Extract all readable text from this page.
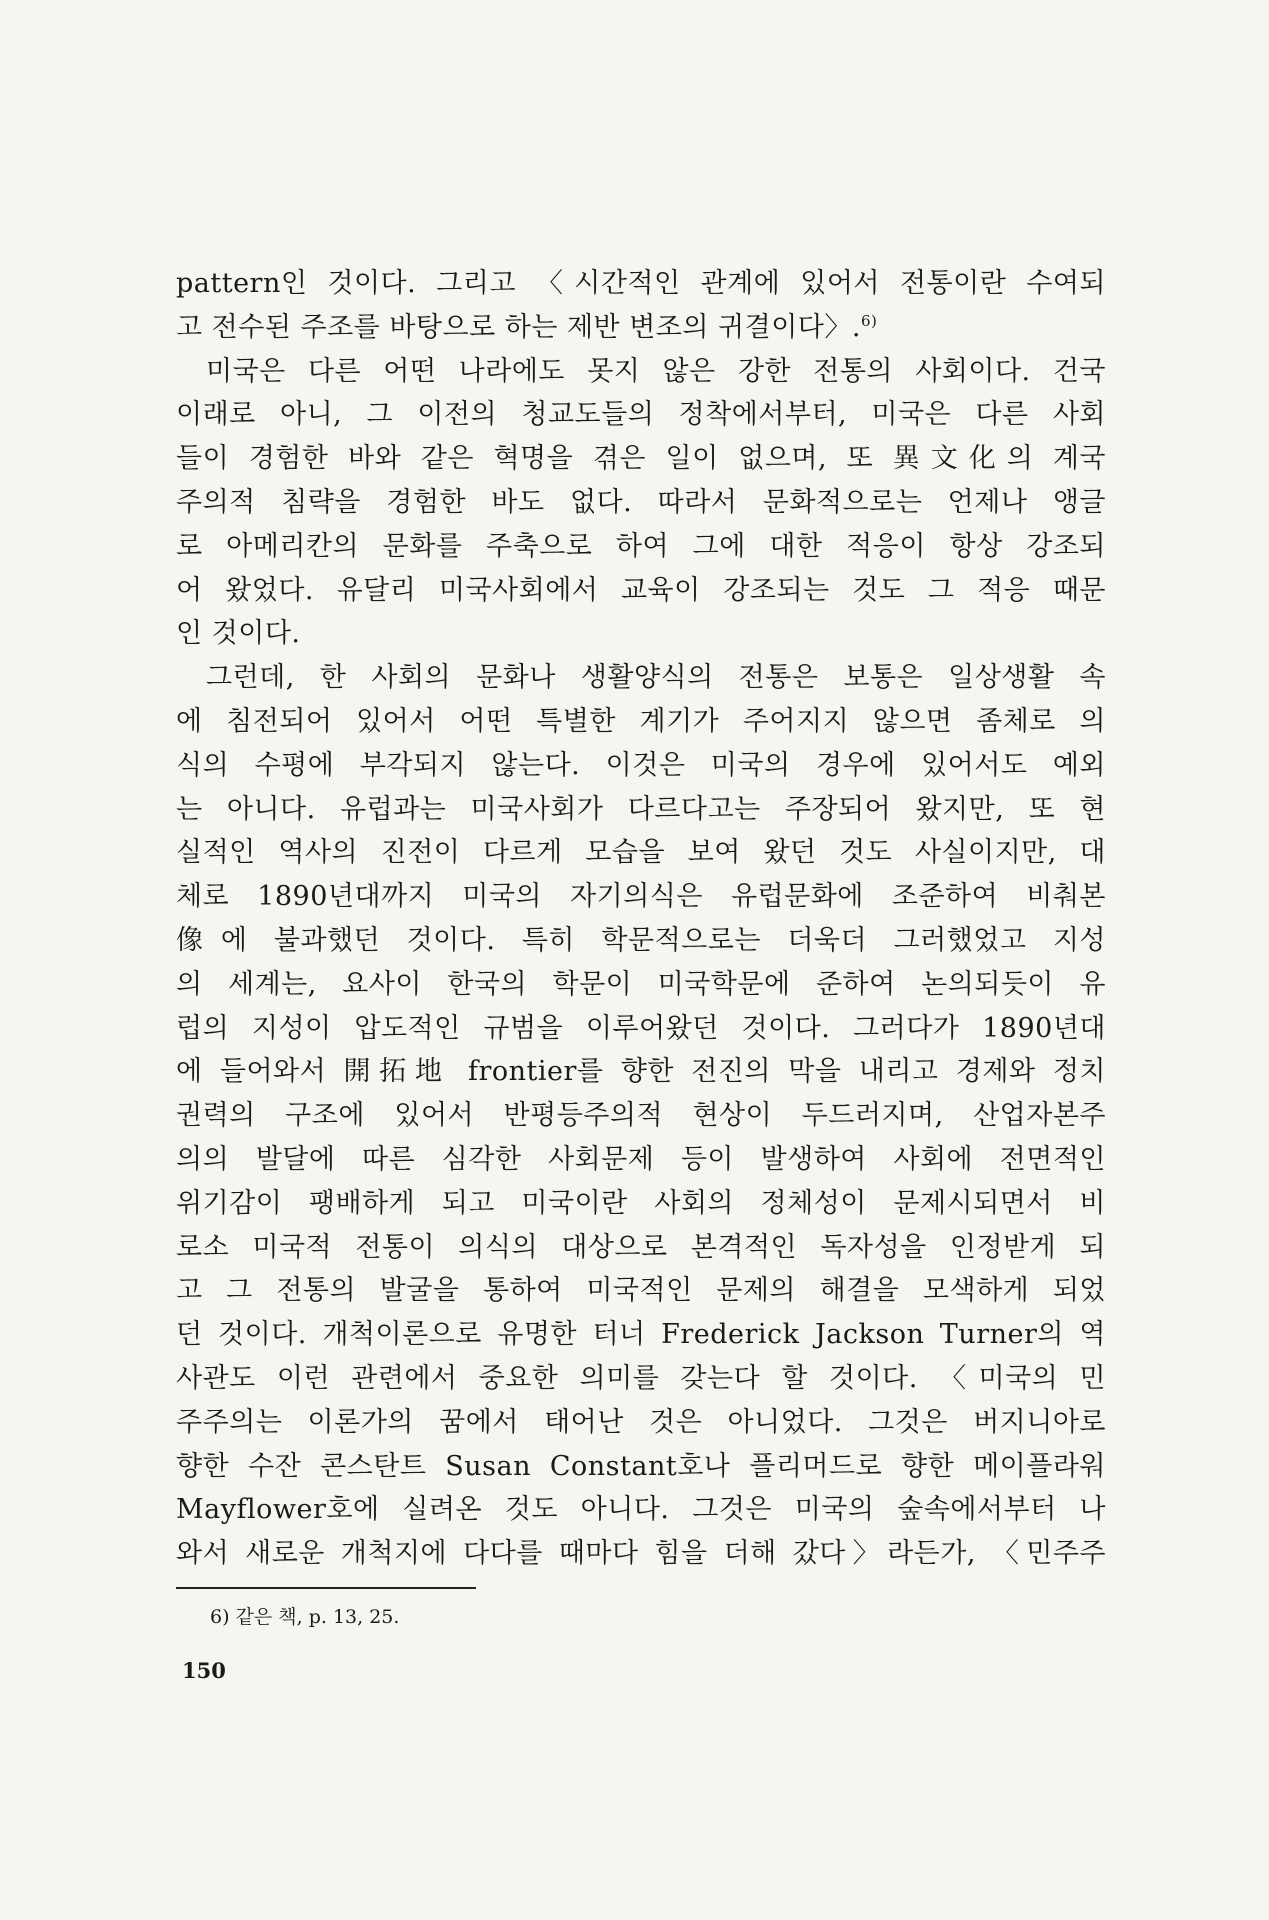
pattern인 것이다. 그리고 〈시간적인 관계에 있어서 전통이란 수여되
고 전수된 주조를 바탕으로 하는 제반 변조의 귀결이다〉.$^{6)}$
미국은 다른 어떤 나라에도 못지 않은 강한 전통의 사회이다. 건국
이래로 아니, 그 이전의 청교도들의 정착에서부터, 미국은 다른 사회
들이 경험한 바와 같은 혁명을 겪은 일이 없으며, 또 異文化의 계국
주의적 침략을 경험한 바도 없다. 따라서 문화적으로는 언제나 앵글
로 아메리칸의 문화를 주축으로 하여 그에 대한 적응이 항상 강조되
어 왔었다. 유달리 미국사회에서 교육이 강조되는 것도 그 적응 때문
인 것이다.
그런데, 한 사회의 문화나 생활양식의 전통은 보통은 일상생활 속
에 침전되어 있어서 어떤 특별한 계기가 주어지지 않으면 좀체로 의
식의 수평에 부각되지 않는다. 이것은 미국의 경우에 있어서도 예외
는 아니다. 유럽과는 미국사회가 다르다고는 주장되어 왔지만, 또 현
실적인 역사의 진전이 다르게 모습을 보여 왔던 것도 사실이지만, 대
체로 1890년대까지 미국의 자기의식은 유럽문화에 조준하여 비춰본
像에 불과했던 것이다. 특히 학문적으로는 더욱더 그러했었고 지성
의 세계는, 요사이 한국의 학문이 미국학문에 준하여 논의되듯이 유
럽의 지성이 압도적인 규범을 이루어왔던 것이다. 그러다가 1890년대
에 들어와서 開拓地 frontier를 향한 전진의 막을 내리고 경제와 정치
권력의 구조에 있어서 반평등주의적 현상이 두드러지며, 산업자본주
의의 발달에 따른 심각한 사회문제 등이 발생하여 사회에 전면적인
위기감이 팽배하게 되고 미국이란 사회의 정체성이 문제시되면서 비
로소 미국적 전통이 의식의 대상으로 본격적인 독자성을 인정받게 되
고 그 전통의 발굴을 통하여 미국적인 문제의 해결을 모색하게 되었
던 것이다. 개척이론으로 유명한 터너 Frederick Jackson Turner의 역
사관도 이런 관련에서 중요한 의미를 갖는다 할 것이다. 〈미국의 민
주주의는 이론가의 꿈에서 태어난 것은 아니었다. 그것은 버지니아로
향한 수잔 콘스탄트 Susan Constant호나 플리머드로 향한 메이플라워
Mayflower호에 실려온 것도 아니다. 그것은 미국의 숲속에서부터 나
와서 새로운 개척지에 다다를 때마다 힘을 더해 갔다〉라든가, 〈민주주
6) 같은 책, p. 13, 25.
150
